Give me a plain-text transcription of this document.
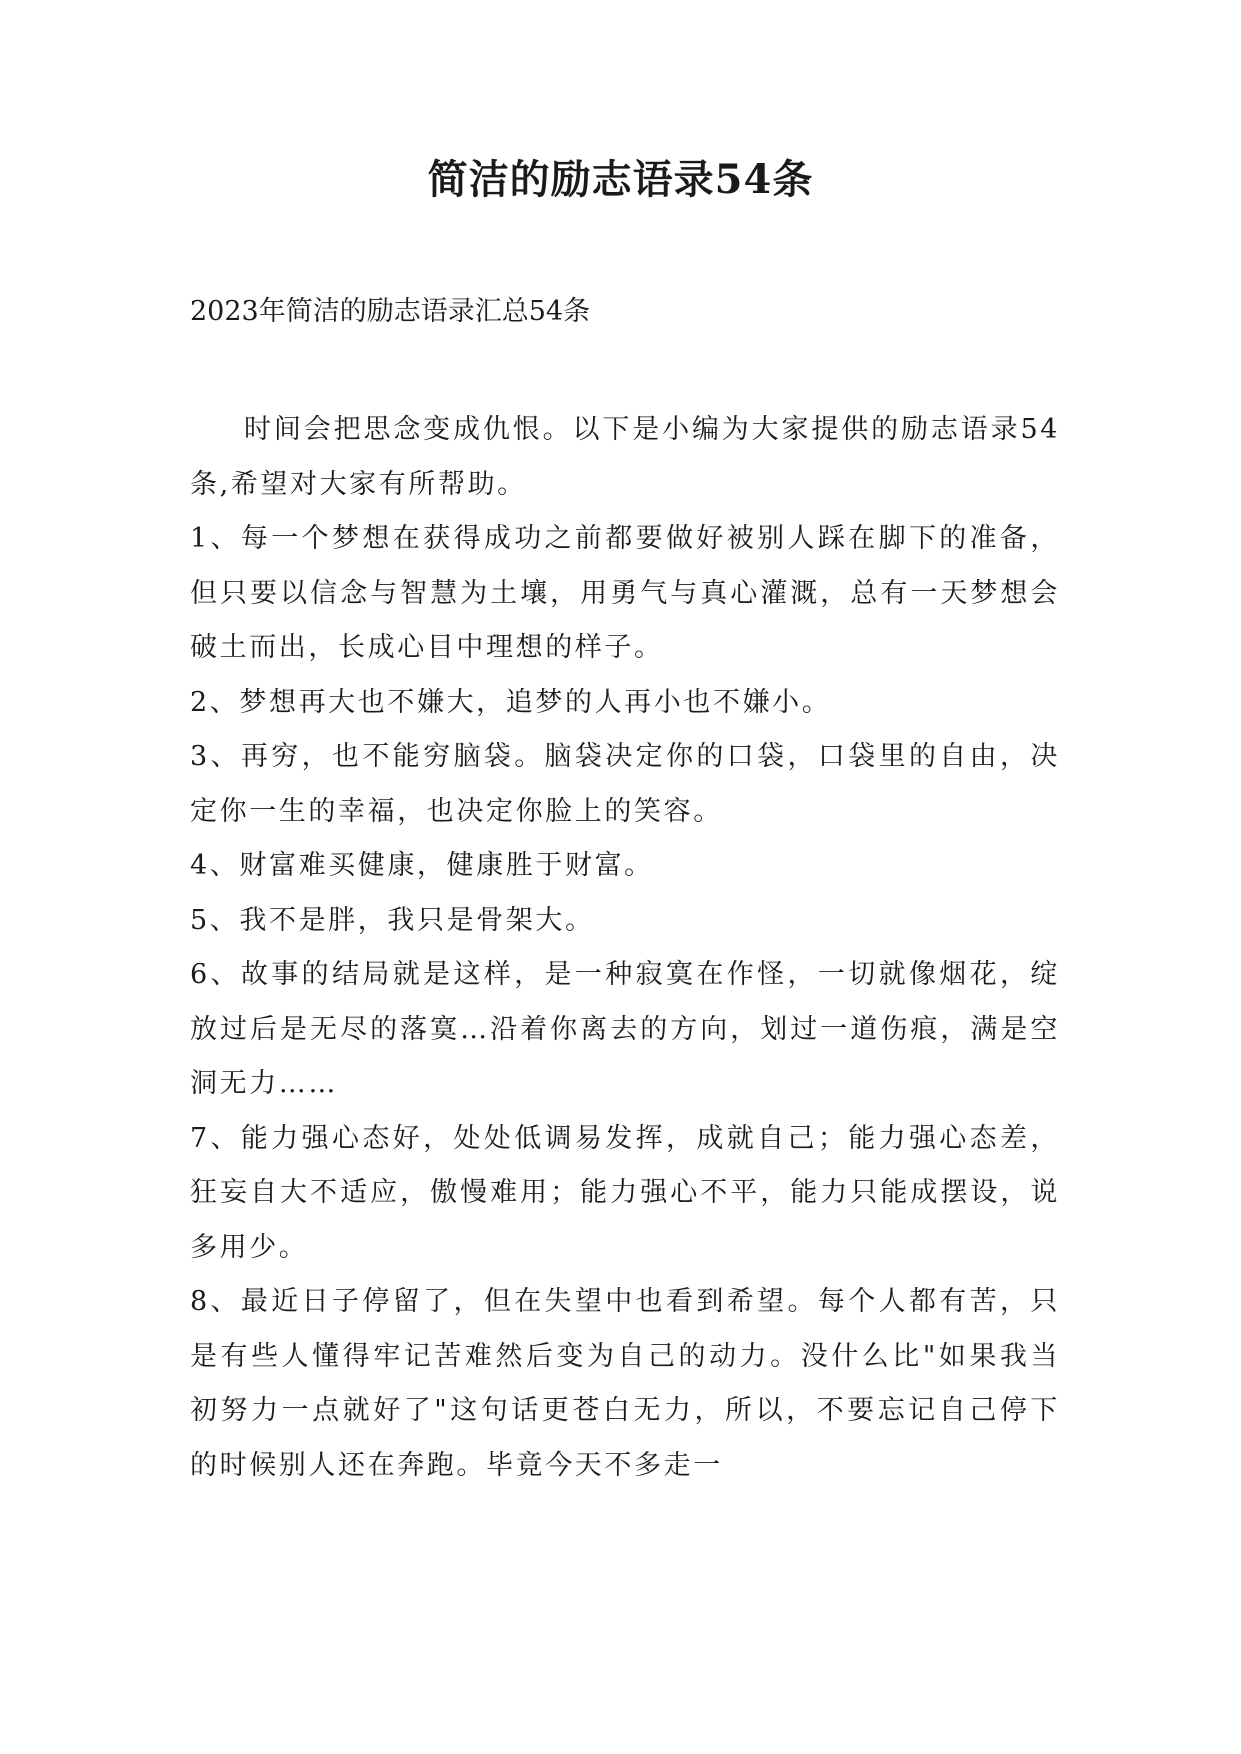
简洁的励志语录54条
2023年简洁的励志语录汇总54条

时间会把思念变成仇恨。以下是小编为大家提供的励志语录54条,希望对大家有所帮助。

1、每一个梦想在获得成功之前都要做好被别人踩在脚下的准备，但只要以信念与智慧为土壤，用勇气与真心灌溉，总有一天梦想会破土而出，长成心目中理想的样子。

2、梦想再大也不嫌大，追梦的人再小也不嫌小。

3、再穷，也不能穷脑袋。脑袋决定你的口袋，口袋里的自由，决定你一生的幸福，也决定你脸上的笑容。

4、财富难买健康，健康胜于财富。

5、我不是胖，我只是骨架大。

6、故事的结局就是这样，是一种寂寞在作怪，一切就像烟花，绽放过后是无尽的落寞…沿着你离去的方向，划过一道伤痕，满是空洞无力……

7、能力强心态好，处处低调易发挥，成就自己；能力强心态差，狂妄自大不适应，傲慢难用；能力强心不平，能力只能成摆设，说多用少。

8、最近日子停留了，但在失望中也看到希望。每个人都有苦，只是有些人懂得牢记苦难然后变为自己的动力。没什么比"如果我当初努力一点就好了"这句话更苍白无力，所以，不要忘记自己停下的时候别人还在奔跑。毕竟今天不多走一
